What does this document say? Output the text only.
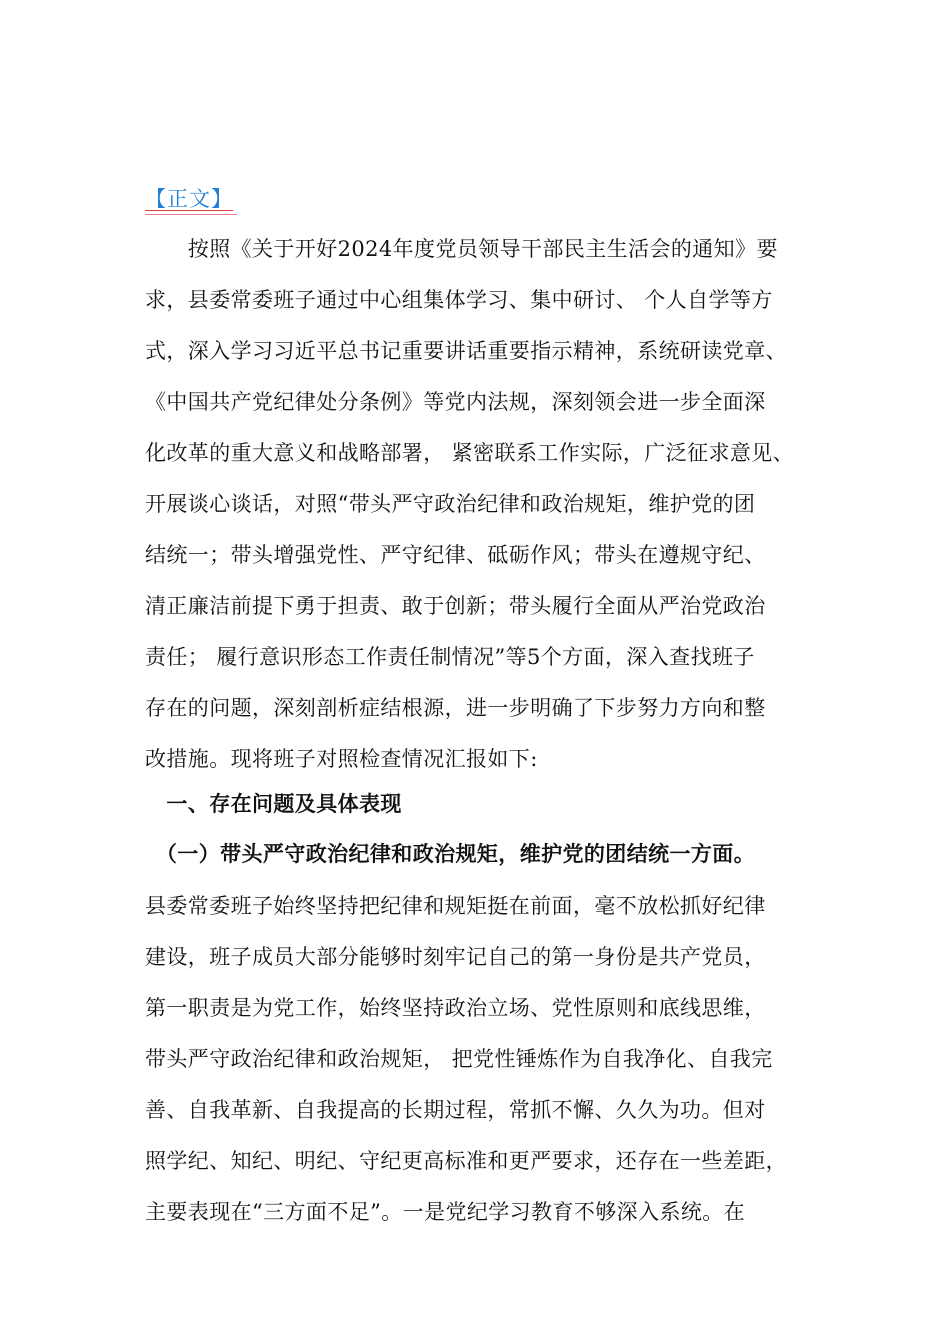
【正文】
　　按照《关于开好2024年度党员领导干部民主生活会的通知》要
求，县委常委班子通过中心组集体学习、集中研讨、 个人自学等方
式，深入学习习近平总书记重要讲话重要指示精神，系统研读党章、
《中国共产党纪律处分条例》等党内法规，深刻领会进一步全面深
化改革的重大意义和战略部署， 紧密联系工作实际，广泛征求意见、
开展谈心谈话，对照“带头严守政治纪律和政治规矩，维护党的团
结统一；带头增强党性、严守纪律、砥砺作风；带头在遵规守纪、
清正廉洁前提下勇于担责、敢于创新；带头履行全面从严治党政治
责任； 履行意识形态工作责任制情况”等5个方面，深入查找班子
存在的问题，深刻剖析症结根源，进一步明确了下步努力方向和整
改措施。现将班子对照检查情况汇报如下:
　一、存在问题及具体表现
　（一）带头严守政治纪律和政治规矩，维护党的团结统一方面。
县委常委班子始终坚持把纪律和规矩挺在前面，毫不放松抓好纪律
建设，班子成员大部分能够时刻牢记自己的第一身份是共产党员，
第一职责是为党工作，始终坚持政治立场、党性原则和底线思维，
带头严守政治纪律和政治规矩， 把党性锤炼作为自我净化、自我完
善、自我革新、自我提高的长期过程，常抓不懈、久久为功。但对
照学纪、知纪、明纪、守纪更高标准和更严要求，还存在一些差距，
主要表现在“三方面不足”。一是党纪学习教育不够深入系统。在
